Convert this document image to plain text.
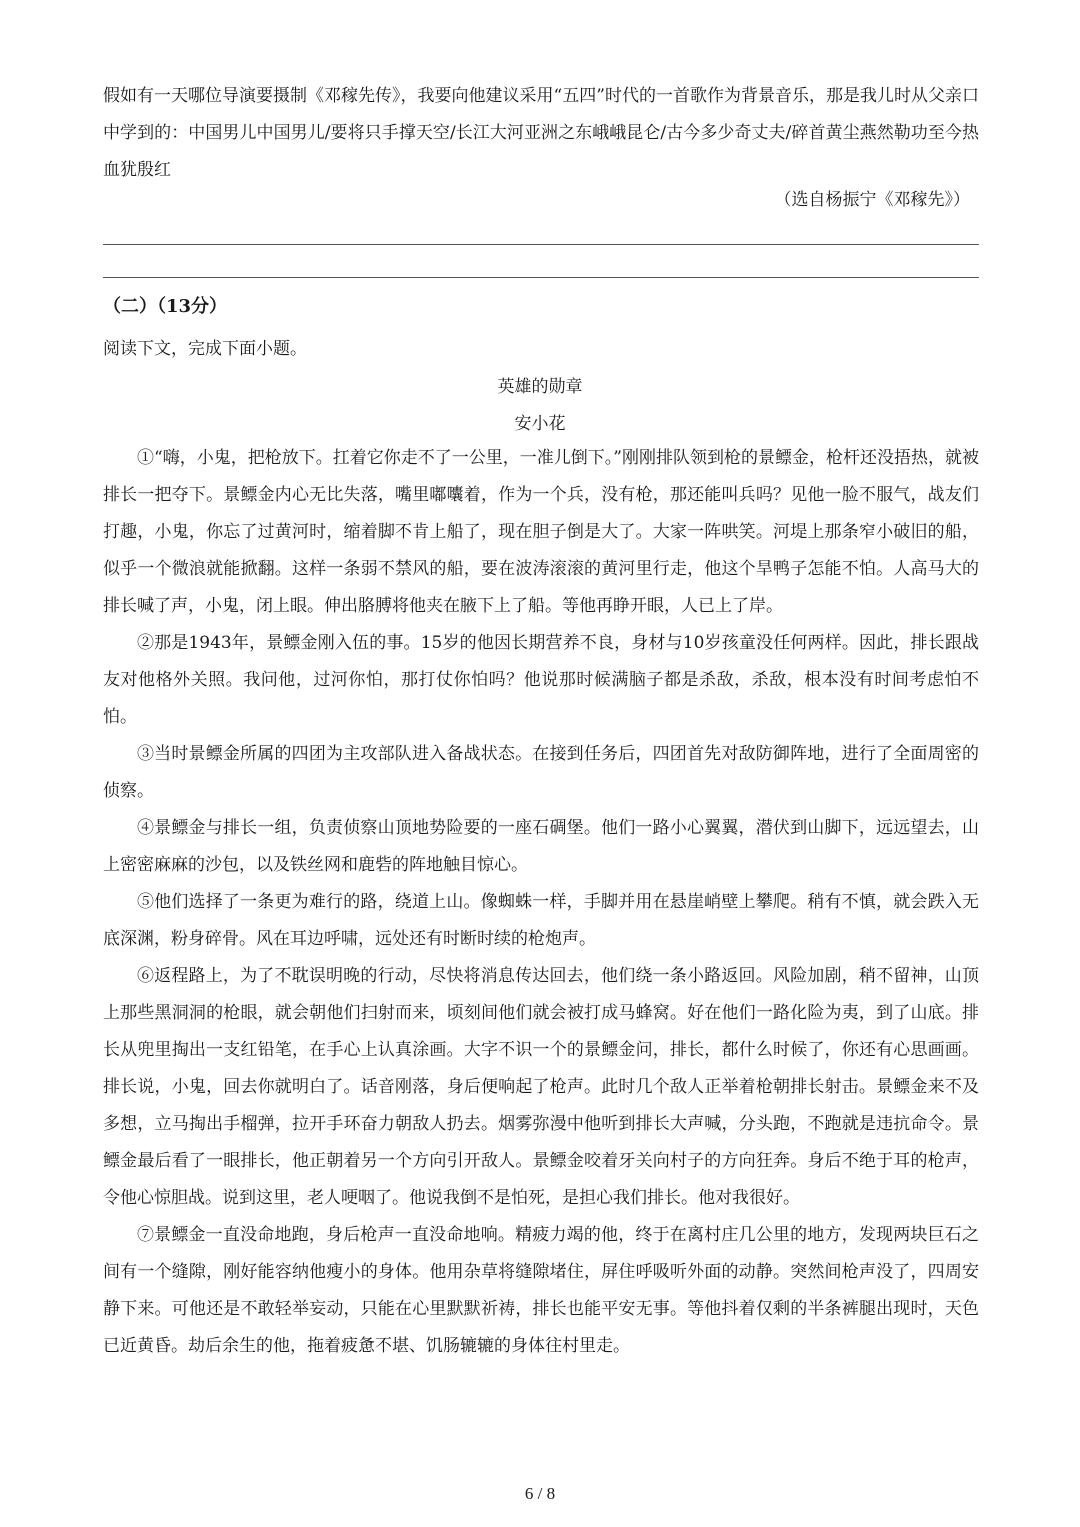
假如有一天哪位导演要摄制《邓稼先传》，我要向他建议采用“五四”时代的一首歌作为背景音乐，那是我儿时从父亲口中学到的：中国男儿中国男儿/要将只手撑天空/长江大河亚洲之东峨峨昆仑/古今多少奇丈夫/碎首黄尘燕然勒功至今热血犹殷红

（选自杨振宁《邓稼先》）
（二）（13分）
阅读下文，完成下面小题。
英雄的勋章
安小花

①“嗨，小鬼，把枪放下。扛着它你走不了一公里，一准儿倒下。”刚刚排队领到枪的景鳔金，枪杆还没捂热，就被排长一把夺下。景鳔金内心无比失落，嘴里嘟囔着，作为一个兵，没有枪，那还能叫兵吗？见他一脸不服气，战友们打趣，小鬼，你忘了过黄河时，缩着脚不肯上船了，现在胆子倒是大了。大家一阵哄笑。河堤上那条窄小破旧的船，似乎一个微浪就能掀翻。这样一条弱不禁风的船，要在波涛滚滚的黄河里行走，他这个旱鸭子怎能不怕。人高马大的排长喊了声，小鬼，闭上眼。伸出胳膊将他夹在腋下上了船。等他再睁开眼，人已上了岸。

②那是1943年，景鳔金刚入伍的事。15岁的他因长期营养不良，身材与10岁孩童没任何两样。因此，排长跟战友对他格外关照。我问他，过河你怕，那打仗你怕吗？他说那时候满脑子都是杀敌，杀敌，根本没有时间考虑怕不怕。

③当时景鳔金所属的四团为主攻部队进入备战状态。在接到任务后，四团首先对敌防御阵地，进行了全面周密的侦察。

④景鳔金与排长一组，负责侦察山顶地势险要的一座石碉堡。他们一路小心翼翼，潜伏到山脚下，远远望去，山上密密麻麻的沙包，以及铁丝网和鹿砦的阵地触目惊心。

⑤他们选择了一条更为难行的路，绕道上山。像蜘蛛一样，手脚并用在悬崖峭壁上攀爬。稍有不慎，就会跌入无底深渊，粉身碎骨。风在耳边呼啸，远处还有时断时续的枪炮声。

⑥返程路上，为了不耽误明晚的行动，尽快将消息传达回去，他们绕一条小路返回。风险加剧，稍不留神，山顶上那些黑洞洞的枪眼，就会朝他们扫射而来，顷刻间他们就会被打成马蜂窝。好在他们一路化险为夷，到了山底。排长从兜里掏出一支红铅笔，在手心上认真涂画。大字不识一个的景鳔金问，排长，都什么时候了，你还有心思画画。排长说，小鬼，回去你就明白了。话音刚落，身后便响起了枪声。此时几个敌人正举着枪朝排长射击。景鳔金来不及多想，立马掏出手榴弹，拉开手环奋力朝敌人扔去。烟雾弥漫中他听到排长大声喊，分头跑，不跑就是违抗命令。景鳔金最后看了一眼排长，他正朝着另一个方向引开敌人。景鳔金咬着牙关向村子的方向狂奔。身后不绝于耳的枪声，令他心惊胆战。说到这里，老人哽咽了。他说我倒不是怕死，是担心我们排长。他对我很好。

⑦景鳔金一直没命地跑，身后枪声一直没命地响。精疲力竭的他，终于在离村庄几公里的地方，发现两块巨石之间有一个缝隙，刚好能容纳他瘦小的身体。他用杂草将缝隙堵住，屏住呼吸听外面的动静。突然间枪声没了，四周安静下来。可他还是不敢轻举妄动，只能在心里默默祈祷，排长也能平安无事。等他抖着仅剩的半条裤腿出现时，天色已近黄昏。劫后余生的他，拖着疲惫不堪、饥肠辘辘的身体往村里走。

6 / 8
